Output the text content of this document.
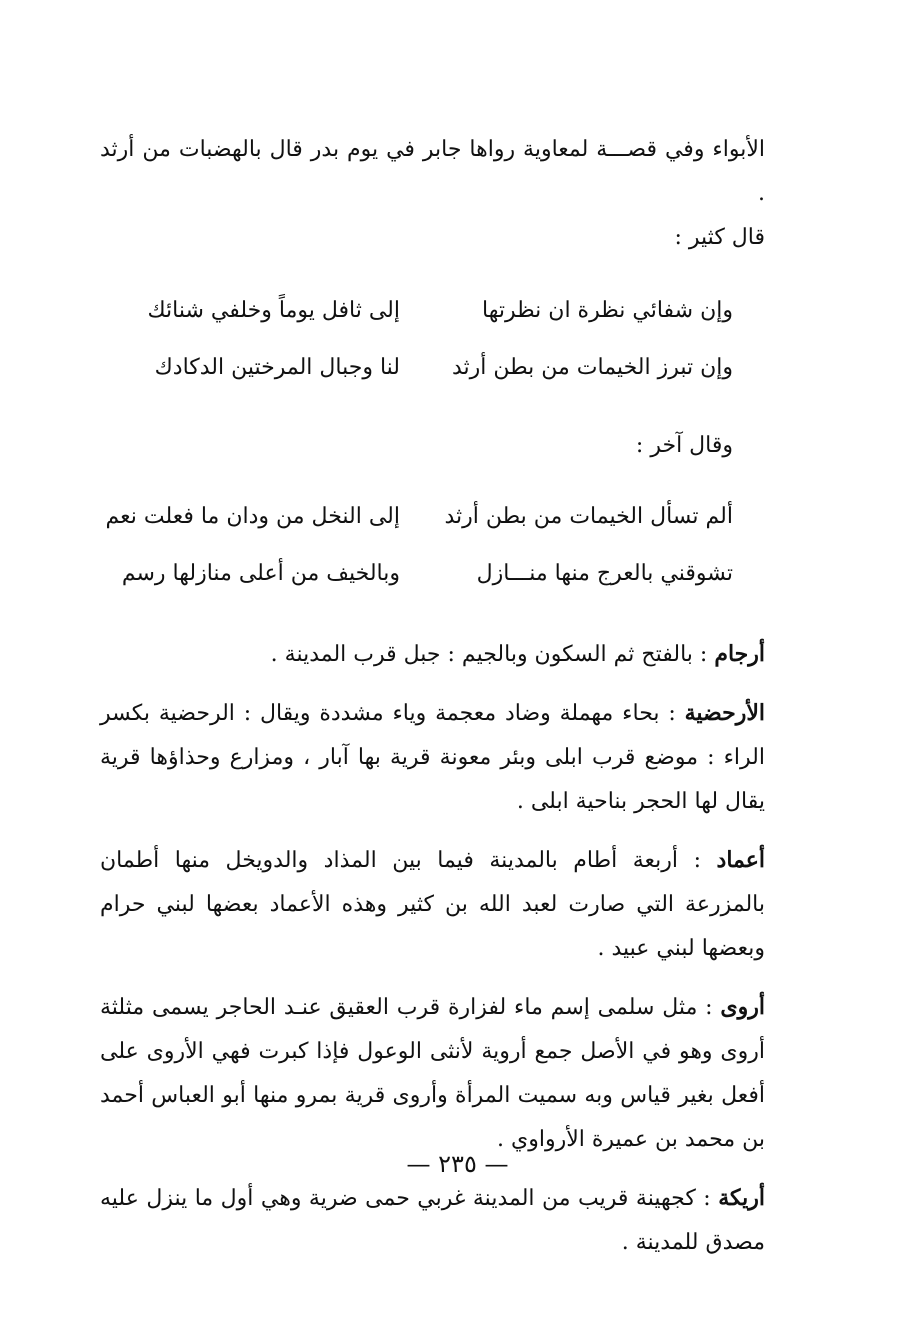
الأبواء وفي قصـــة لمعاوية رواها جابر في يوم بدر قال بالهضبات من أرثد .
قال كثير :

وإن شفائي نظرة ان نظرتها
إلى ثافل يوماً وخلفي شنائك
وإن تبرز الخيمات من بطن أرثد
لنا وجبال المرختين الدكادك
وقال آخر :
ألم تسأل الخيمات من بطن أرثد
إلى النخل من ودان ما فعلت نعم
تشوقني بالعرج منها منـــازل
وبالخيف من أعلى منازلها رسم

أرجام : بالفتح ثم السكون وبالجيم : جبل قرب المدينة .

الأرحضية : بحاء مهملة وضاد معجمة وياء مشددة ويقال : الرحضية بكسر الراء : موضع قرب ابلى وبئر معونة قرية بها آبار ، ومزارع وحذاؤها قرية يقال لها الحجر بناحية ابلى .

أعماد : أربعة أطام بالمدينة فيما بين المذاد والدويخل منها أطمان بالمزرعة التي صارت لعبد الله بن كثير وهذه الأعماد بعضها لبني حرام وبعضها لبني عبيد .

أروى : مثل سلمى إسم ماء لفزارة قرب العقيق عنـد الحاجر يسمى مثلثة أروى وهو في الأصل جمع أروية لأنثى الوعول فإذا كبرت فهي الأروى على أفعل بغير قياس وبه سميت المرأة وأروى قرية بمرو منها أبو العباس أحمد بن محمد بن عميرة الأرواوي .

أريكة : كجهينة قريب من المدينة غربي حمى ضرية وهي أول ما ينزل عليه مصدق للمدينة .

— ٢٣٥ —
